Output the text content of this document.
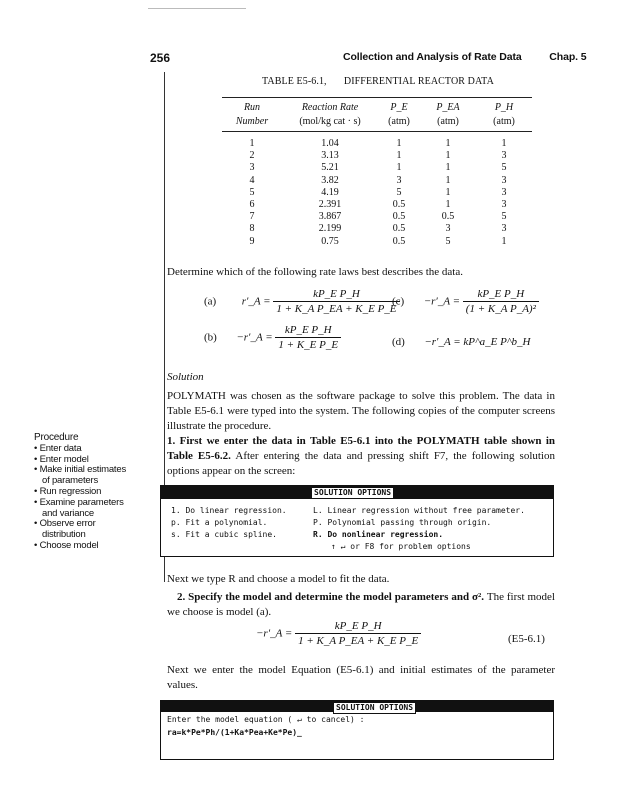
256	Collection and Analysis of Rate Data	Chap. 5
TABLE E5-6.1, DIFFERENTIAL REACTOR DATA
Run	Reaction Rate	P_E	P_EA	P_H
Number	(mol/kg cat · s)	(atm)	(atm)	(atm)
1	1.04	1	1	1
2	3.13	1	1	3
3	5.21	1	1	5
4	3.82	3	1	3
5	4.19	5	1	3
6	2.391	0.5	1	3
7	3.867	0.5	0.5	5
8	2.199	0.5	3	3
9	0.75	0.5	5	1
Determine which of the following rate laws best describes the data.
(a) r′_A = $\frac{\text{kP\_E P\_H}}{\text{1 + K\_A P\_EA + K\_E P\_E}}$
(c) −r′_A = $\frac{\text{kP\_E P\_H}}{\text{(1 + K\_A P\_A)²}}$
(b) −r′_A = $\frac{\text{kP\_E P\_H}}{\text{1 + K\_E P\_E}}$	(d) −r′_A = kP^a_E P^b_H
Solution
POLYMATH was chosen as the software package to solve this problem. The data in Table E5-6.1 were typed into the system. The following copies of the computer screens illustrate the procedure.
1. First we enter the data in Table E5-6.1 into the POLYMATH table shown in Table E5-6.2. After entering the data and pressing shift F7, the following solution options appear on the screen:
Procedure
• Enter data
• Enter model
• Make initial estimates of parameters
• Run regression
• Examine parameters and variance
• Observe error distribution
• Choose model
SOLUTION OPTIONS
1. Do linear regression.
p. Fit a polynomial.
s. Fit a cubic spline.
L. Linear regression without free parameter.
P. Polynomial passing through origin.
R. Do nonlinear regression.
↑ ↵ or F8 for problem options
Next we type R and choose a model to fit the data.
2. Specify the model and determine the model parameters and σ². The first model we choose is model (a).
−r′_A = $\frac{\text{kP\_E P\_H}}{\text{1 + K\_A P\_EA + K\_E P\_E}}$	(E5-6.1)
Next we enter the model Equation (E5-6.1) and initial estimates of the parameter values.
SOLUTION OPTIONS
Enter the model equation ( ↵ to cancel) :
ra=k*Pe*Ph/(1+Ka*Pea+Ke*Pe)_
